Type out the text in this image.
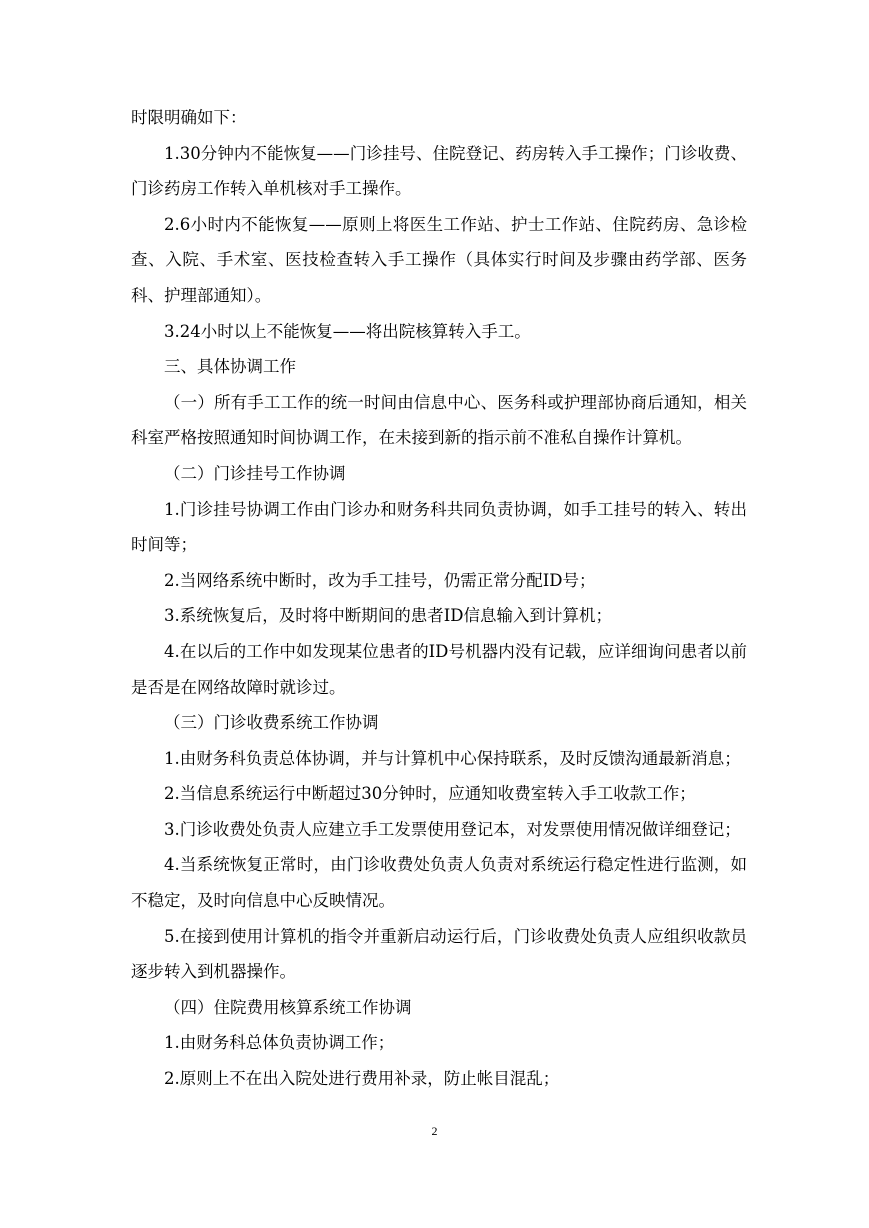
时限明确如下：

1.30分钟内不能恢复——门诊挂号、住院登记、药房转入手工操作；门诊收费、门诊药房工作转入单机核对手工操作。

2.6小时内不能恢复——原则上将医生工作站、护士工作站、住院药房、急诊检查、入院、手术室、医技检查转入手工操作（具体实行时间及步骤由药学部、医务科、护理部通知）。

3.24小时以上不能恢复——将出院核算转入手工。

三、具体协调工作

（一）所有手工工作的统一时间由信息中心、医务科或护理部协商后通知，相关科室严格按照通知时间协调工作，在未接到新的指示前不准私自操作计算机。

（二）门诊挂号工作协调

1.门诊挂号协调工作由门诊办和财务科共同负责协调，如手工挂号的转入、转出时间等；

2.当网络系统中断时，改为手工挂号，仍需正常分配ID号；

3.系统恢复后，及时将中断期间的患者ID信息输入到计算机；

4.在以后的工作中如发现某位患者的ID号机器内没有记载，应详细询问患者以前是否是在网络故障时就诊过。

（三）门诊收费系统工作协调

1.由财务科负责总体协调，并与计算机中心保持联系，及时反馈沟通最新消息；

2.当信息系统运行中断超过30分钟时，应通知收费室转入手工收款工作；

3.门诊收费处负责人应建立手工发票使用登记本，对发票使用情况做详细登记；

4.当系统恢复正常时，由门诊收费处负责人负责对系统运行稳定性进行监测，如不稳定，及时向信息中心反映情况。

5.在接到使用计算机的指令并重新启动运行后，门诊收费处负责人应组织收款员逐步转入到机器操作。

（四）住院费用核算系统工作协调

1.由财务科总体负责协调工作；

2.原则上不在出入院处进行费用补录，防止帐目混乱；

2
